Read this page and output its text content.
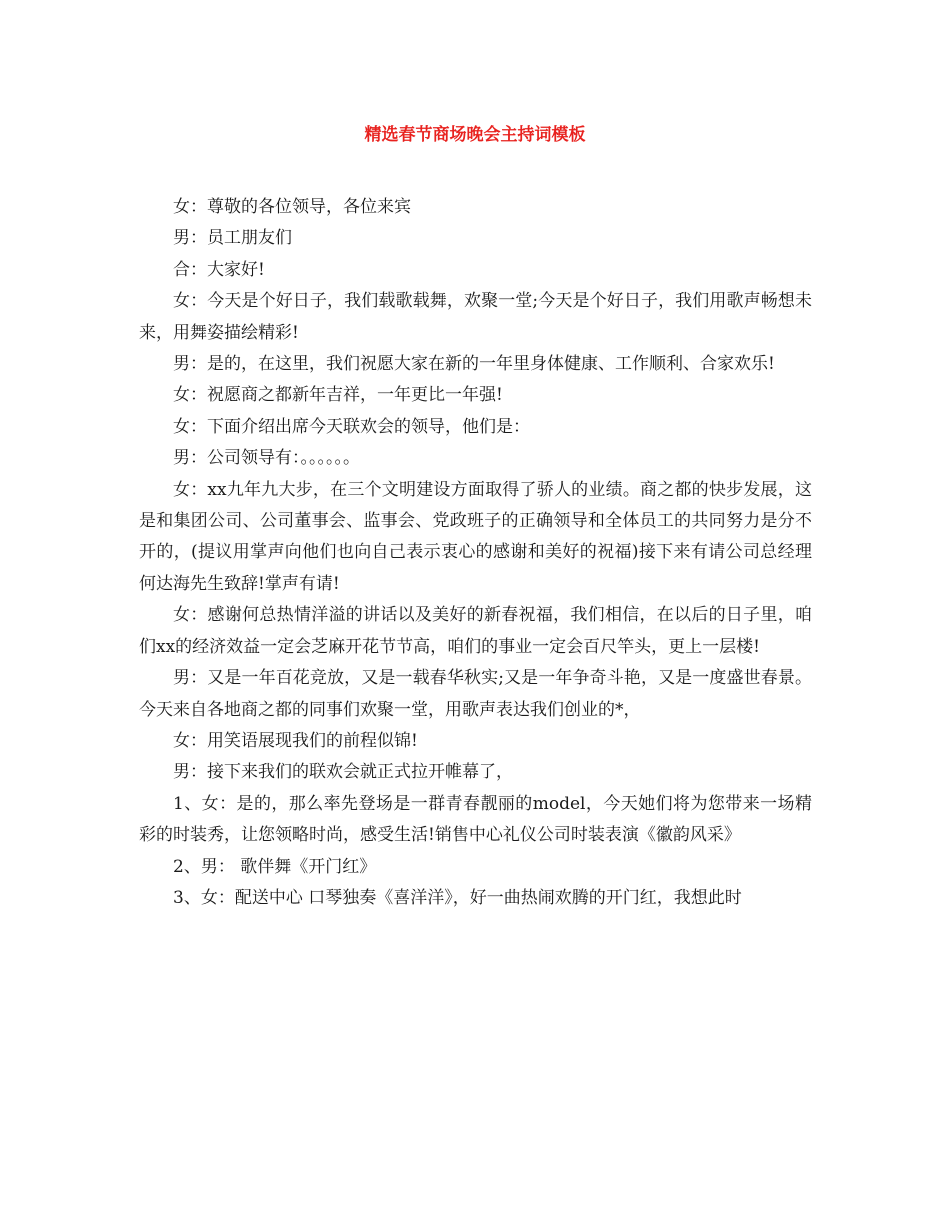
精选春节商场晚会主持词模板

女：尊敬的各位领导，各位来宾

男：员工朋友们

合：大家好!

女：今天是个好日子，我们载歌载舞，欢聚一堂;今天是个好日子，我们用歌声畅想未来，用舞姿描绘精彩!

男：是的，在这里，我们祝愿大家在新的一年里身体健康、工作顺利、合家欢乐!

女：祝愿商之都新年吉祥，一年更比一年强!

女：下面介绍出席今天联欢会的领导，他们是：

男：公司领导有：。。。。。。

女：xx九年九大步，在三个文明建设方面取得了骄人的业绩。商之都的快步发展，这是和集团公司、公司董事会、监事会、党政班子的正确领导和全体员工的共同努力是分不开的，(提议用掌声向他们也向自己表示衷心的感谢和美好的祝福)接下来有请公司总经理何达海先生致辞!掌声有请!

女：感谢何总热情洋溢的讲话以及美好的新春祝福，我们相信，在以后的日子里，咱们xx的经济效益一定会芝麻开花节节高，咱们的事业一定会百尺竿头，更上一层楼!

男：又是一年百花竞放，又是一载春华秋实;又是一年争奇斗艳，又是一度盛世春景。今天来自各地商之都的同事们欢聚一堂，用歌声表达我们创业的*，

女：用笑语展现我们的前程似锦!

男：接下来我们的联欢会就正式拉开帷幕了，

1、女：是的，那么率先登场是一群青春靓丽的model，今天她们将为您带来一场精彩的时装秀，让您领略时尚，感受生活!销售中心礼仪公司时装表演《徽韵风采》

2、男： 歌伴舞《开门红》

3、女：配送中心 口琴独奏《喜洋洋》，好一曲热闹欢腾的开门红，我想此时
